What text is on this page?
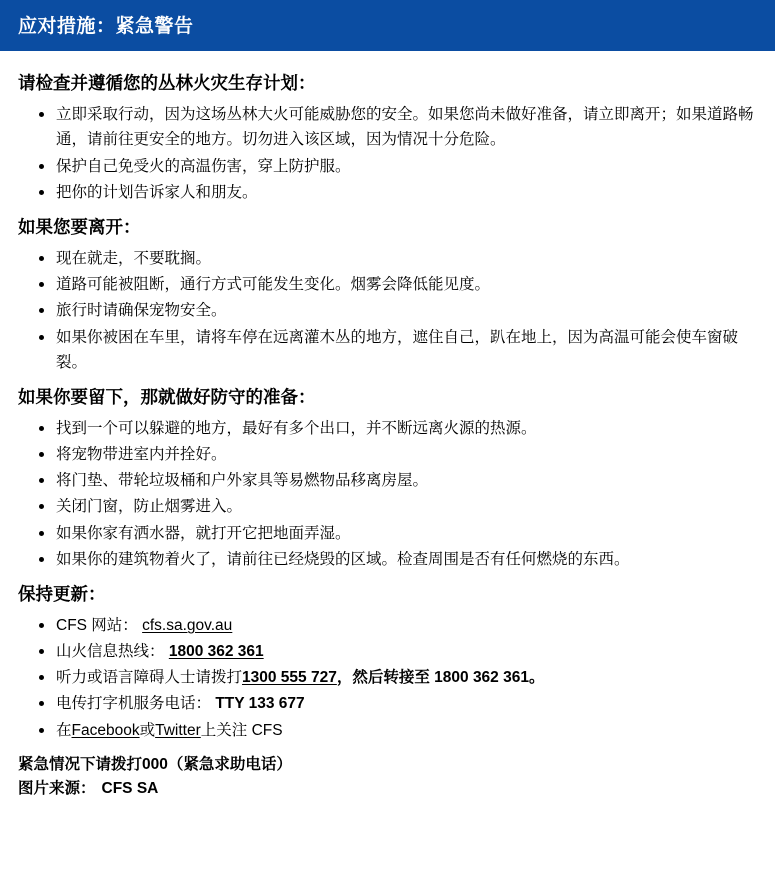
应对措施：紧急警告
请检查并遵循您的丛林火灾生存计划：
立即采取行动，因为这场丛林大火可能威胁您的安全。如果您尚未做好准备，请立即离开；如果道路畅通，请前往更安全的地方。切勿进入该区域，因为情况十分危险。
保护自己免受火的高温伤害，穿上防护服。
把你的计划告诉家人和朋友。
如果您要离开：
现在就走，不要耽搁。
道路可能被阻断，通行方式可能发生变化。烟雾会降低能见度。
旅行时请确保宠物安全。
如果你被困在车里，请将车停在远离灌木丛的地方，遮住自己，趴在地上，因为高温可能会使车窗破裂。
如果你要留下，那就做好防守的准备：
找到一个可以躲避的地方，最好有多个出口，并不断远离火源的热源。
将宠物带进室内并拴好。
将门垫、带轮垃圾桶和户外家具等易燃物品移离房屋。
关闭门窗，防止烟雾进入。
如果你家有洒水器，就打开它把地面弄湿。
如果你的建筑物着火了，请前往已经烧毁的区域。检查周围是否有任何燃烧的东西。
保持更新：
CFS 网站： cfs.sa.gov.au
山火信息热线： 1800 362 361
听力或语言障碍人士请拨打1300 555 727，然后转接至 1800 362 361。
电传打字机服务电话： TTY 133 677
在Facebook或Twitter上关注 CFS
紧急情况下请拨打000（紧急求助电话）
图片来源： CFS SA
